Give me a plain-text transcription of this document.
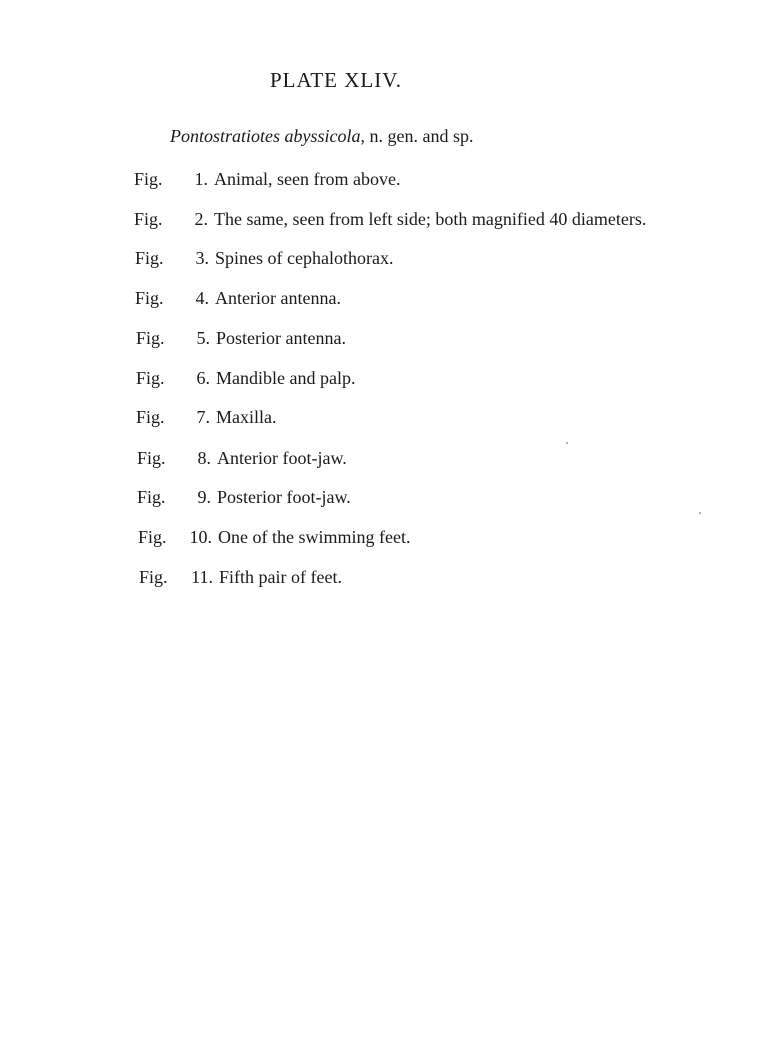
PLATE XLIV.
Pontostratiotes abyssicola, n. gen. and sp.
Fig. 1. Animal, seen from above.
Fig. 2. The same, seen from left side; both magnified 40 diameters.
Fig. 3. Spines of cephalothorax.
Fig. 4. Anterior antenna.
Fig. 5. Posterior antenna.
Fig. 6. Mandible and palp.
Fig. 7. Maxilla.
Fig. 8. Anterior foot-jaw.
Fig. 9. Posterior foot-jaw.
Fig. 10. One of the swimming feet.
Fig. 11. Fifth pair of feet.
